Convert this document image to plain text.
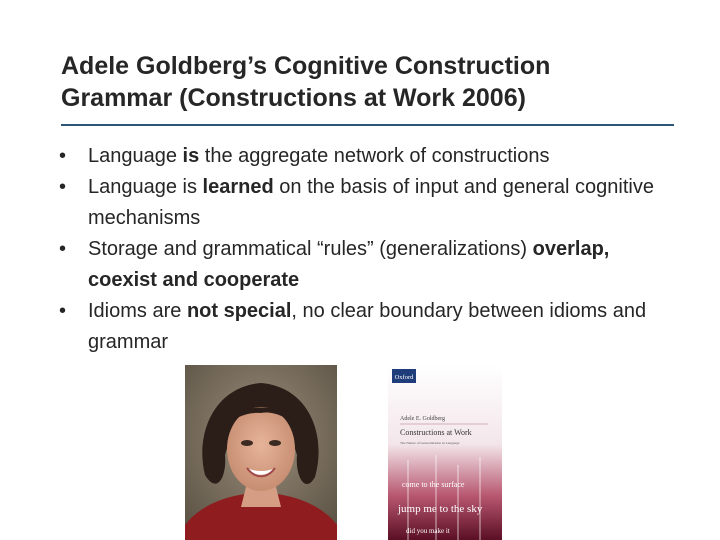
Adele Goldberg’s Cognitive Construction
Grammar (Constructions at Work 2006)
• Language is the aggregate network of constructions
• Language is learned on the basis of input and general cognitive mechanisms
• Storage and grammatical “rules” (generalizations) overlap, coexist and cooperate
• Idioms are not special, no clear boundary between idioms and grammar
Oxford
Adele E. Goldberg
Constructions at Work
The Nature of Generalization in Language
come to the surface
jump me to the sky
did you make it
